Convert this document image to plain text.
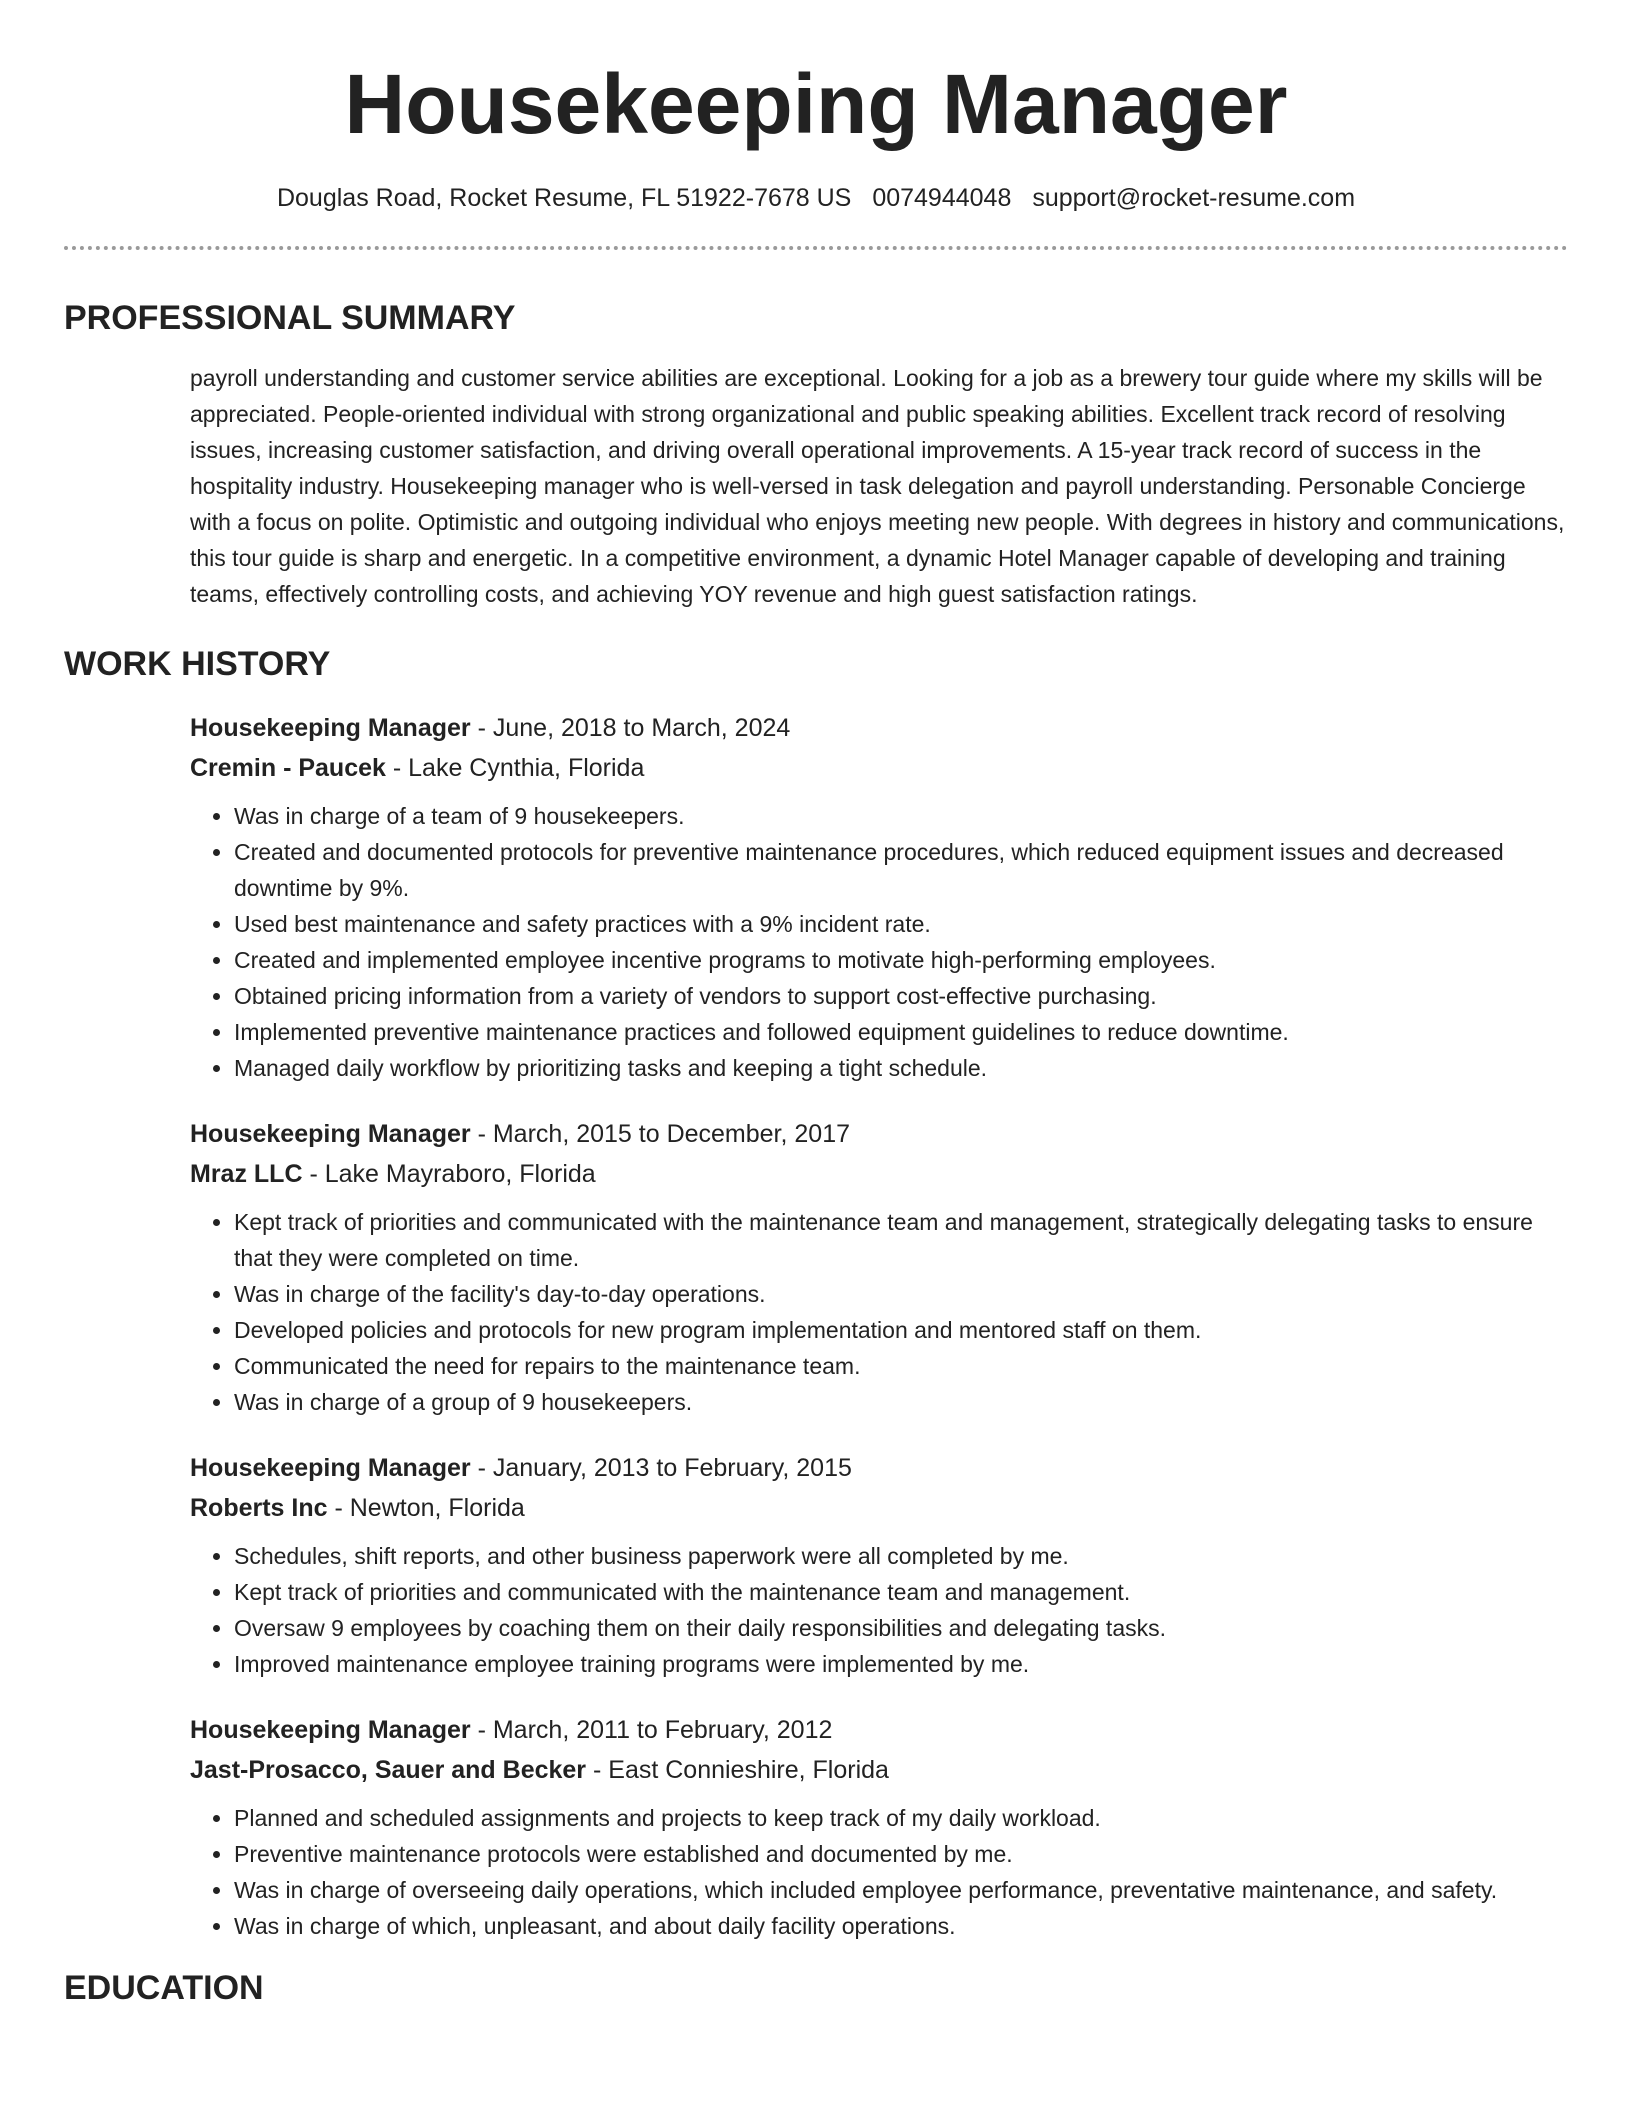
Housekeeping Manager
Douglas Road, Rocket Resume, FL 51922-7678 US 0074944048 support@rocket-resume.com
PROFESSIONAL SUMMARY
payroll understanding and customer service abilities are exceptional. Looking for a job as a brewery tour guide where my skills will be appreciated. People-oriented individual with strong organizational and public speaking abilities. Excellent track record of resolving issues, increasing customer satisfaction, and driving overall operational improvements. A 15-year track record of success in the hospitality industry. Housekeeping manager who is well-versed in task delegation and payroll understanding. Personable Concierge with a focus on polite. Optimistic and outgoing individual who enjoys meeting new people. With degrees in history and communications, this tour guide is sharp and energetic. In a competitive environment, a dynamic Hotel Manager capable of developing and training teams, effectively controlling costs, and achieving YOY revenue and high guest satisfaction ratings.
WORK HISTORY
Housekeeping Manager - June, 2018 to March, 2024
Cremin - Paucek - Lake Cynthia, Florida
• Was in charge of a team of 9 housekeepers.
• Created and documented protocols for preventive maintenance procedures, which reduced equipment issues and decreased downtime by 9%.
• Used best maintenance and safety practices with a 9% incident rate.
• Created and implemented employee incentive programs to motivate high-performing employees.
• Obtained pricing information from a variety of vendors to support cost-effective purchasing.
• Implemented preventive maintenance practices and followed equipment guidelines to reduce downtime.
• Managed daily workflow by prioritizing tasks and keeping a tight schedule.
Housekeeping Manager - March, 2015 to December, 2017
Mraz LLC - Lake Mayraboro, Florida
• Kept track of priorities and communicated with the maintenance team and management, strategically delegating tasks to ensure that they were completed on time.
• Was in charge of the facility's day-to-day operations.
• Developed policies and protocols for new program implementation and mentored staff on them.
• Communicated the need for repairs to the maintenance team.
• Was in charge of a group of 9 housekeepers.
Housekeeping Manager - January, 2013 to February, 2015
Roberts Inc - Newton, Florida
• Schedules, shift reports, and other business paperwork were all completed by me.
• Kept track of priorities and communicated with the maintenance team and management.
• Oversaw 9 employees by coaching them on their daily responsibilities and delegating tasks.
• Improved maintenance employee training programs were implemented by me.
Housekeeping Manager - March, 2011 to February, 2012
Jast-Prosacco, Sauer and Becker - East Connieshire, Florida
• Planned and scheduled assignments and projects to keep track of my daily workload.
• Preventive maintenance protocols were established and documented by me.
• Was in charge of overseeing daily operations, which included employee performance, preventative maintenance, and safety.
• Was in charge of which, unpleasant, and about daily facility operations.
EDUCATION
